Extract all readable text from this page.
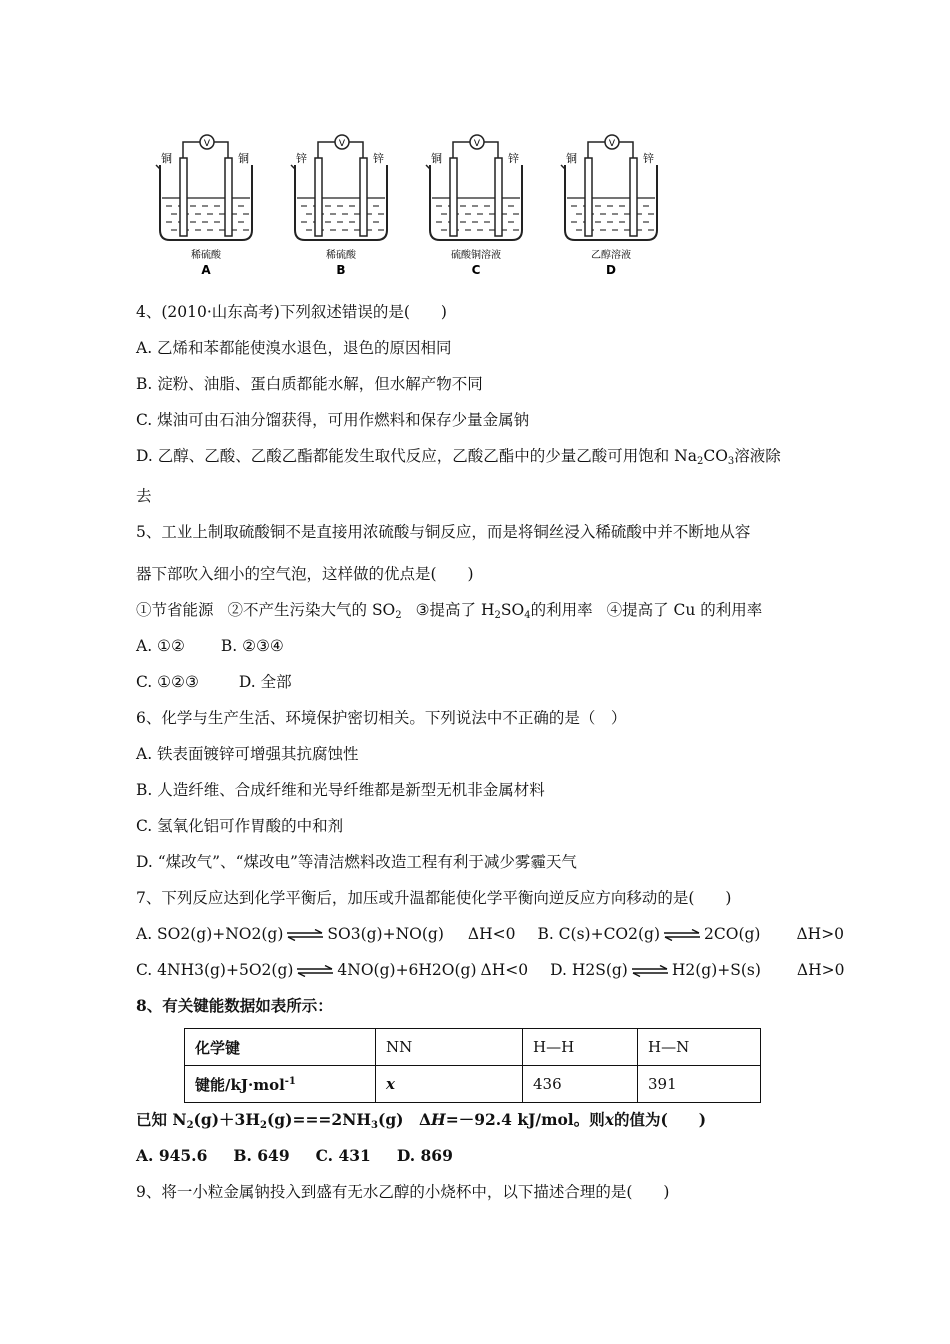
V
铜	铜
稀硫酸
A
V
锌	锌
稀硫酸
B
V
铜	锌
硫酸铜溶液
C
V
铜	锌
乙醇溶液
D
4、(2010·山东高考)下列叙述错误的是(　　)
A. 乙烯和苯都能使溴水退色，退色的原因相同
B. 淀粉、油脂、蛋白质都能水解，但水解产物不同
C. 煤油可由石油分馏获得，可用作燃料和保存少量金属钠
D. 乙醇、乙酸、乙酸乙酯都能发生取代反应，乙酸乙酯中的少量乙酸可用饱和 $Na_2CO_3$溶液除
去
5、工业上制取硫酸铜不是直接用浓硫酸与铜反应，而是将铜丝浸入稀硫酸中并不断地从容
器下部吹入细小的空气泡，这样做的优点是(　　)
①节省能源 ②不产生污染大气的 $SO_2$ ③提高了 $H_2SO_4$的利用率 ④提高了 Cu 的利用率
A. ①② B. ②③④
C. ①②③	D. 全部
6、化学与生产生活、环境保护密切相关。下列说法中不正确的是（　）
A. 铁表面镀锌可增强其抗腐蚀性
B. 人造纤维、合成纤维和光导纤维都是新型无机非金属材料
C. 氢氧化铝可作胃酸的中和剂
D. “煤改气”、“煤改电”等清洁燃料改造工程有利于减少雾霾天气
7、下列反应达到化学平衡后，加压或升温都能使化学平衡向逆反应方向移动的是(　　)
A. SO2(g)+NO2(g) ⇌ SO3(g)+NO(g) ΔH<0 B. C(s)+CO2(g) ⇌ 2CO(g) ΔH>0
C. 4NH3(g)+5O2(g) ⇌ 4NO(g)+6H2O(g) ΔH<0 D. H2S(g) ⇌ H2(g)+S(s) ΔH>0
8、有关键能数据如表所示：
化学键	NN	H—H	H—N
键能/kJ·mol$^{-1}$	x	436	391
已知 $N_2(g)+3H_2(g)===2NH_3(g)$　ΔH=－92.4 kJ/mol。则x的值为(　　)
A. 945.6 B. 649 C. 431 D. 869
9、将一小粒金属钠投入到盛有无水乙醇的小烧杯中，以下描述合理的是(　　)
